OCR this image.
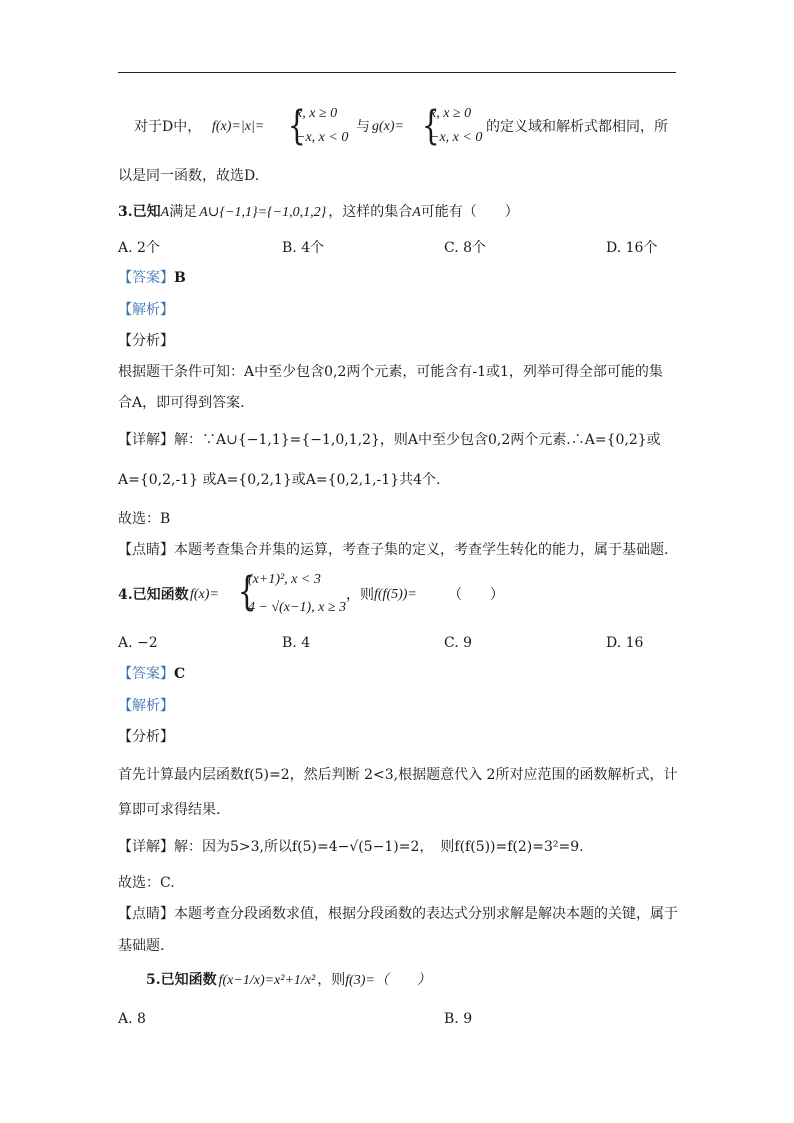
对于D中， f(x)=|x|= {
x, x ≥ 0
−x, x < 0
与 g(x)= {
x, x ≥ 0
−x, x < 0
的定义域和解析式都相同，所
以是同一函数，故选D.
3.已知A满足 A∪{−1,1}={−1,0,1,2} ，这样的集合A可能有（　　）
A. 2个	B. 4个	C. 8个	D. 16个
【答案】B
【解析】
【分析】
根据题干条件可知：A中至少包含0,2两个元素，可能含有-1或1，列举可得全部可能的集
合A，即可得到答案.
【详解】解：∵A∪{−1,1}={−1,0,1,2}，则A中至少包含0,2两个元素.∴A={0,2}或
A={0,2,-1} 或A={0,2,1}或A={0,2,1,-1}共4个.
故选：B
【点睛】本题考查集合并集的运算，考查子集的定义，考查学生转化的能力，属于基础题.
4.已知函数 f(x)= {
(x+1)², x < 3
4 − √(x−1), x ≥ 3
，则 f(f(5))= （　　）
A. −2	B. 4	C. 9	D. 16
【答案】C
【解析】
【分析】
首先计算最内层函数f(5)=2，然后判断 2<3,根据题意代入 2所对应范围的函数解析式，计
算即可求得结果.
【详解】解：因为5>3,所以f(5)=4−√(5−1)=2，　则f(f(5))=f(2)=3²=9.
故选：C.
【点睛】本题考查分段函数求值，根据分段函数的表达式分别求解是解决本题的关键，属于
基础题.
5.已知函数 f(x−1/x)=x²+1/x² ，则f(3)=（　　）
A. 8	B. 9
